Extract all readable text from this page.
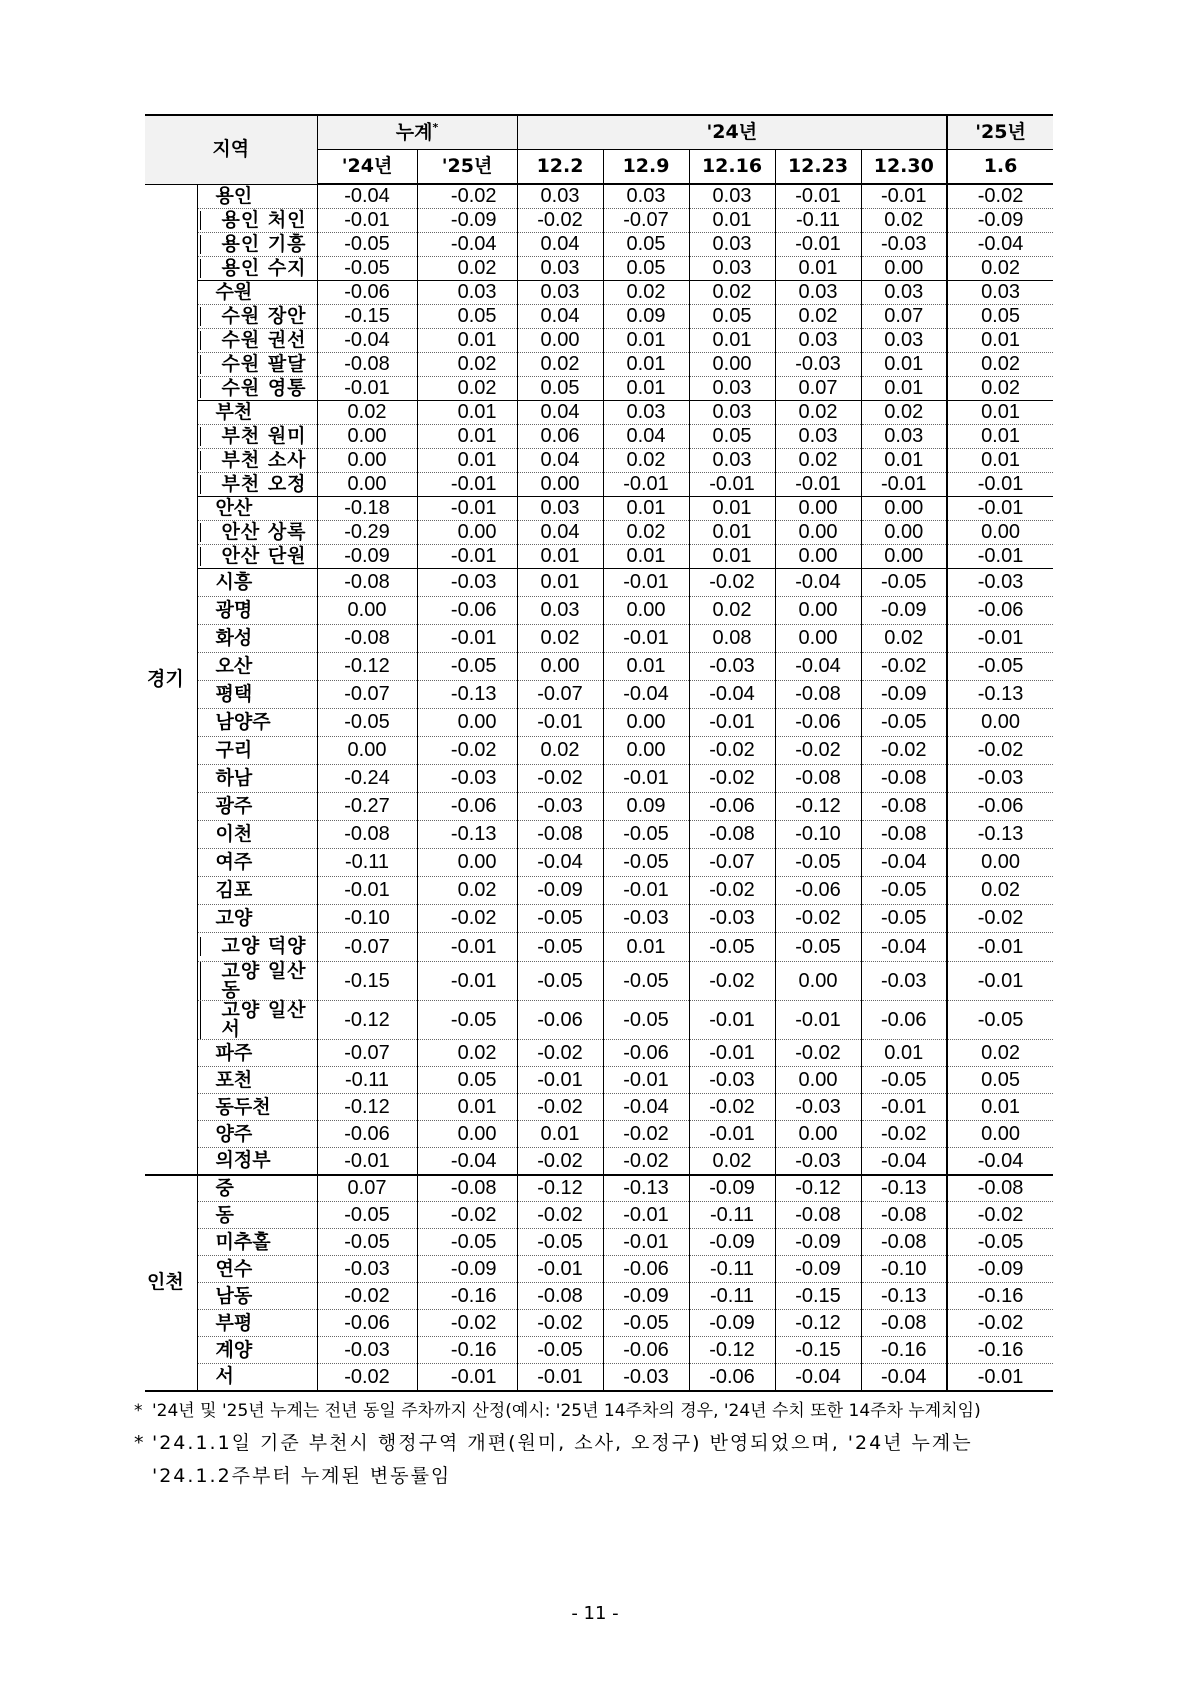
지역		누계*		'24년					'25년
		'24년	'25년	12.2	12.9	12.16	12.23	12.30	1.6
경기	용인	-0.04	-0.02	0.03	0.03	0.03	-0.01	-0.01	-0.02

	용인 처인	-0.01	-0.09	-0.02	-0.07	0.01	-0.11	0.02	-0.09

	용인 기흥	-0.05	-0.04	0.04	0.05	0.03	-0.01	-0.03	-0.04

	용인 수지	-0.05	0.02	0.03	0.05	0.03	0.01	0.00	0.02
	수원	-0.06	0.03	0.03	0.02	0.02	0.03	0.03	0.03

	수원 장안	-0.15	0.05	0.04	0.09	0.05	0.02	0.07	0.05

	수원 권선	-0.04	0.01	0.00	0.01	0.01	0.03	0.03	0.01

	수원 팔달	-0.08	0.02	0.02	0.01	0.00	-0.03	0.01	0.02

	수원 영통	-0.01	0.02	0.05	0.01	0.03	0.07	0.01	0.02
	부천	0.02	0.01	0.04	0.03	0.03	0.02	0.02	0.01

	부천 원미	0.00	0.01	0.06	0.04	0.05	0.03	0.03	0.01

	부천 소사	0.00	0.01	0.04	0.02	0.03	0.02	0.01	0.01

	부천 오정	0.00	-0.01	0.00	-0.01	-0.01	-0.01	-0.01	-0.01
	안산	-0.18	-0.01	0.03	0.01	0.01	0.00	0.00	-0.01

	안산 상록	-0.29	0.00	0.04	0.02	0.01	0.00	0.00	0.00

	안산 단원	-0.09	-0.01	0.01	0.01	0.01	0.00	0.00	-0.01
	시흥	-0.08	-0.03	0.01	-0.01	-0.02	-0.04	-0.05	-0.03
	광명	0.00	-0.06	0.03	0.00	0.02	0.00	-0.09	-0.06
	화성	-0.08	-0.01	0.02	-0.01	0.08	0.00	0.02	-0.01
	오산	-0.12	-0.05	0.00	0.01	-0.03	-0.04	-0.02	-0.05
	평택	-0.07	-0.13	-0.07	-0.04	-0.04	-0.08	-0.09	-0.13
	남양주	-0.05	0.00	-0.01	0.00	-0.01	-0.06	-0.05	0.00
	구리	0.00	-0.02	0.02	0.00	-0.02	-0.02	-0.02	-0.02
	하남	-0.24	-0.03	-0.02	-0.01	-0.02	-0.08	-0.08	-0.03
	광주	-0.27	-0.06	-0.03	0.09	-0.06	-0.12	-0.08	-0.06
	이천	-0.08	-0.13	-0.08	-0.05	-0.08	-0.10	-0.08	-0.13
	여주	-0.11	0.00	-0.04	-0.05	-0.07	-0.05	-0.04	0.00
	김포	-0.01	0.02	-0.09	-0.01	-0.02	-0.06	-0.05	0.02
	고양	-0.10	-0.02	-0.05	-0.03	-0.03	-0.02	-0.05	-0.02

	고양 덕양	-0.07	-0.01	-0.05	0.01	-0.05	-0.05	-0.04	-0.01

	고양 일산동	-0.15	-0.01	-0.05	-0.05	-0.02	0.00	-0.03	-0.01

	고양 일산서	-0.12	-0.05	-0.06	-0.05	-0.01	-0.01	-0.06	-0.05
	파주	-0.07	0.02	-0.02	-0.06	-0.01	-0.02	0.01	0.02
	포천	-0.11	0.05	-0.01	-0.01	-0.03	0.00	-0.05	0.05
	동두천	-0.12	0.01	-0.02	-0.04	-0.02	-0.03	-0.01	0.01
	양주	-0.06	0.00	0.01	-0.02	-0.01	0.00	-0.02	0.00
	의정부	-0.01	-0.04	-0.02	-0.02	0.02	-0.03	-0.04	-0.04
인천	중	0.07	-0.08	-0.12	-0.13	-0.09	-0.12	-0.13	-0.08
	동	-0.05	-0.02	-0.02	-0.01	-0.11	-0.08	-0.08	-0.02
	미추홀	-0.05	-0.05	-0.05	-0.01	-0.09	-0.09	-0.08	-0.05
	연수	-0.03	-0.09	-0.01	-0.06	-0.11	-0.09	-0.10	-0.09
	남동	-0.02	-0.16	-0.08	-0.09	-0.11	-0.15	-0.13	-0.16
	부평	-0.06	-0.02	-0.02	-0.05	-0.09	-0.12	-0.08	-0.02
	계양	-0.03	-0.16	-0.05	-0.06	-0.12	-0.15	-0.16	-0.16
	서	-0.02	-0.01	-0.01	-0.03	-0.06	-0.04	-0.04	-0.01
* '24년 및 '25년 누계는 전년 동일 주차까지 산정(예시: '25년 14주차의 경우, '24년 수치 또한 14주차 누계치임)
* '24.1.1일 기준 부천시 행정구역 개편(원미, 소사, 오정구) 반영되었으며, '24년 누계는
'24.1.2주부터 누계된 변동률임
- 11 -
